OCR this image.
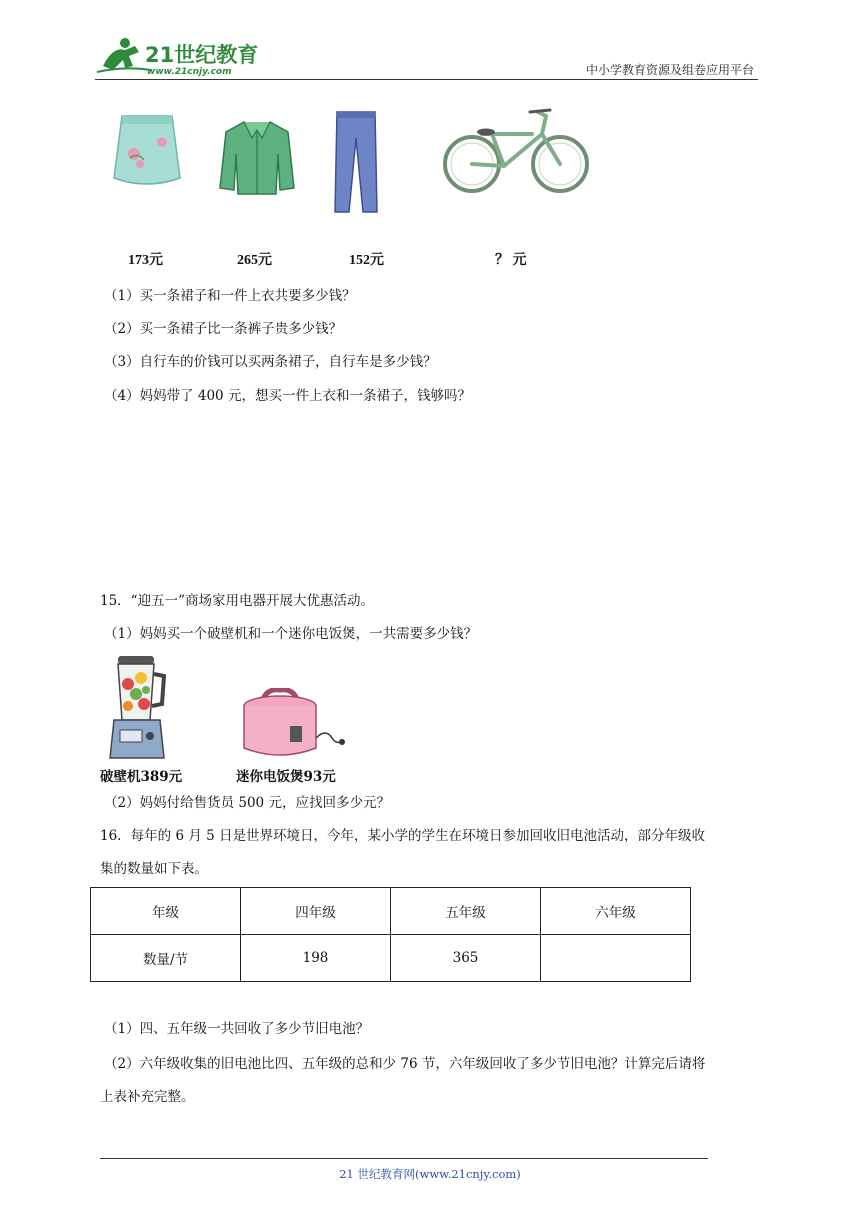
21世纪教育
www.21cnjy.com	中小学教育资源及组卷应用平台
173元	265元	152元	？ 元
（1）买一条裙子和一件上衣共要多少钱？
（2）买一条裙子比一条裤子贵多少钱？
（3）自行车的价钱可以买两条裙子，自行车是多少钱？
（4）妈妈带了 400 元，想买一件上衣和一条裙子，钱够吗？
15．“迎五一”商场家用电器开展大优惠活动。
（1）妈妈买一个破壁机和一个迷你电饭煲，一共需要多少钱？
破壁机389元	迷你电饭煲93元
（2）妈妈付给售货员 500 元，应找回多少元？
16．每年的 6 月 5 日是世界环境日，今年，某小学的学生在环境日参加回收旧电池活动，部分年级收
集的数量如下表。
年级	四年级	五年级	六年级
数量/节	198	365	
（1）四、五年级一共回收了多少节旧电池？
（2）六年级收集的旧电池比四、五年级的总和少 76 节，六年级回收了多少节旧电池？计算完后请将
上表补充完整。
21 世纪教育网(www.21cnjy.com)
